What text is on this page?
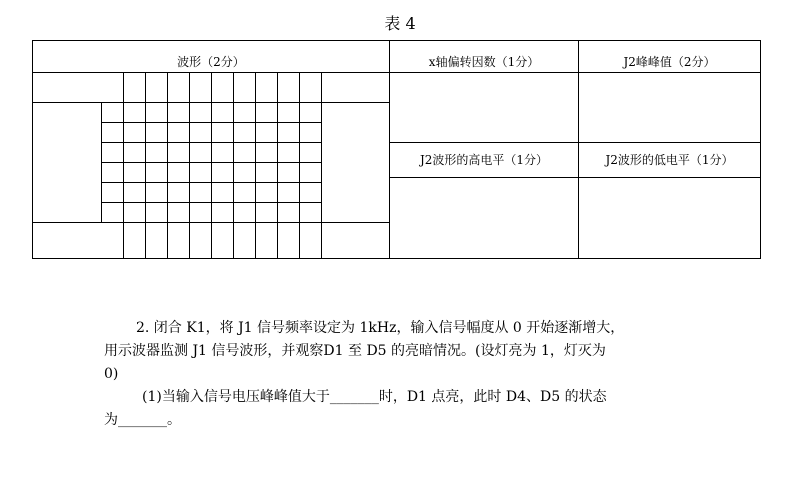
表 4
波形（2分）	x轴偏转因数（1分）	J2峰峰值（2分）
J2波形的高电平（1分）	J2波形的低电平（1分）
2. 闭合 K1，将 J1 信号频率设定为 1kHz，输入信号幅度从 0 开始逐渐增大，
用示波器监测 J1 信号波形，并观察D1 至 D5 的亮暗情况。(设灯亮为 1，灯灭为
0)
(1)当输入信号电压峰峰值大于_______时，D1 点亮，此时 D4、D5 的状态
为_______。
